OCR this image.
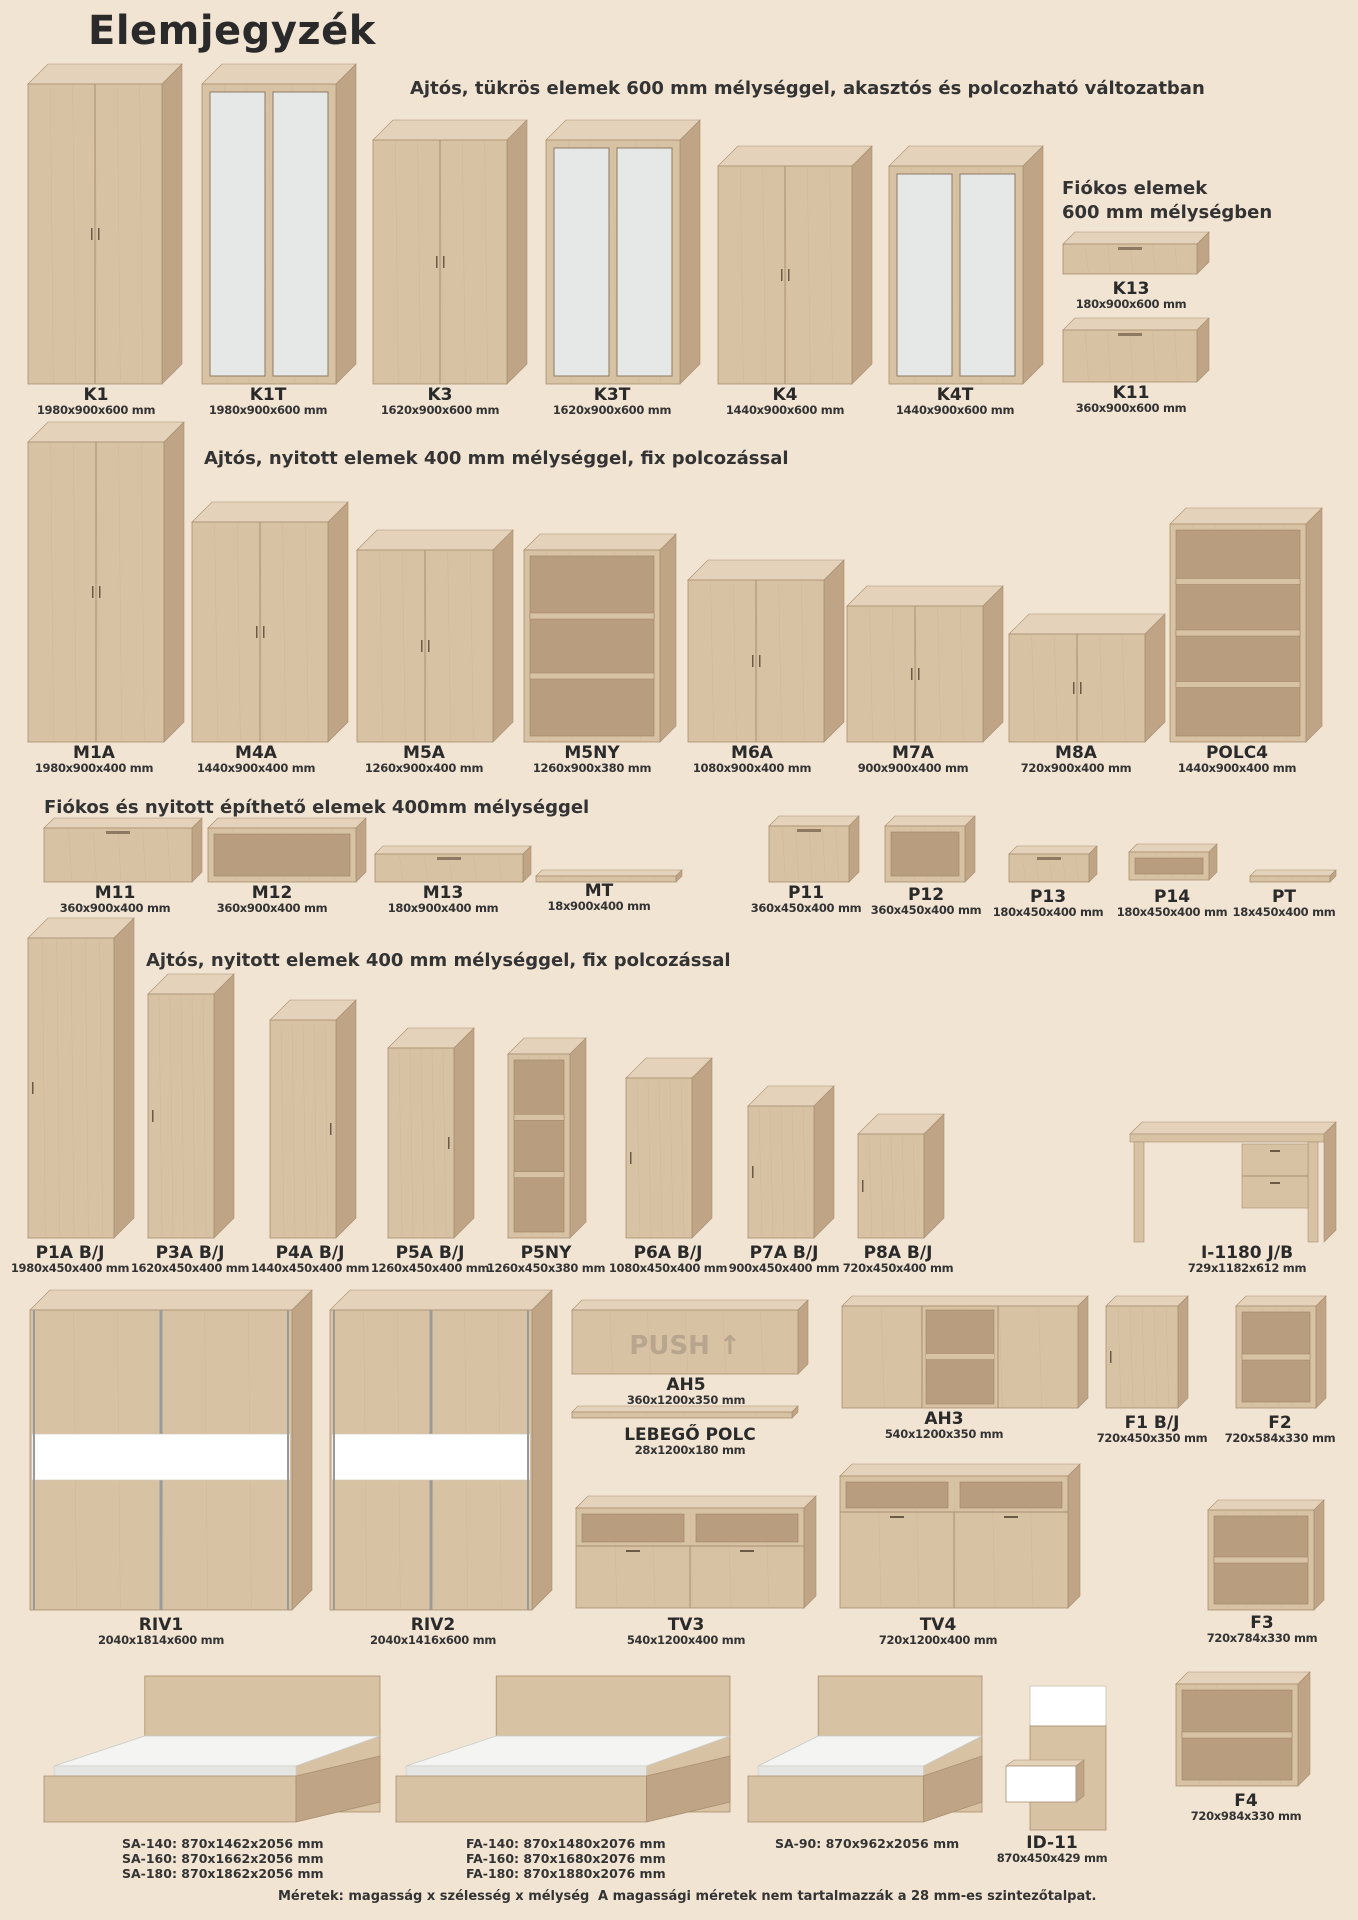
Elemjegyzék
Ajtós, tükrös elemek 600 mm mélységgel, akasztós és polcozható változatban
Fiókos elemek
600 mm mélységben
Ajtós, nyitott elemek 400 mm mélységgel, fix polcozással
Fiókos és nyitott építhető elemek 400mm mélységgel
Ajtós, nyitott elemek 400 mm mélységgel, fix polcozással
PUSH ↑
K1
1980x900x600 mm
K1T
1980x900x600 mm
K3
1620x900x600 mm
K3T
1620x900x600 mm
K4
1440x900x600 mm
K4T
1440x900x600 mm
K13
180x900x600 mm
K11
360x900x600 mm
M1A
1980x900x400 mm
M4A
1440x900x400 mm
M5A
1260x900x400 mm
M5NY
1260x900x380 mm
M6A
1080x900x400 mm
M7A
900x900x400 mm
M8A
720x900x400 mm
POLC4
1440x900x400 mm
M11
360x900x400 mm
M12
360x900x400 mm
M13
180x900x400 mm
MT
18x900x400 mm
P11
360x450x400 mm
P12
360x450x400 mm
P13
180x450x400 mm
P14
180x450x400 mm
PT
18x450x400 mm
P1A B/J
1980x450x400 mm
P3A B/J
1620x450x400 mm
P4A B/J
1440x450x400 mm
P5A B/J
1260x450x400 mm
P5NY
1260x450x380 mm
P6A B/J
1080x450x400 mm
P7A B/J
900x450x400 mm
P8A B/J
720x450x400 mm
I-1180 J/B
729x1182x612 mm
RIV1
2040x1814x600 mm
RIV2
2040x1416x600 mm
AH5
360x1200x350 mm
LEBEGŐ POLC
28x1200x180 mm
AH3
540x1200x350 mm
F1 B/J
720x450x350 mm
F2
720x584x330 mm
TV3
540x1200x400 mm
TV4
720x1200x400 mm
F3
720x784x330 mm
ID-11
870x450x429 mm
F4
720x984x330 mm
SA-140: 870x1462x2056 mm
SA-160: 870x1662x2056 mm
SA-180: 870x1862x2056 mm
FA-140: 870x1480x2076 mm
FA-160: 870x1680x2076 mm
FA-180: 870x1880x2076 mm
SA-90: 870x962x2056 mm
Méretek: magasság x szélesség x mélység A magassági méretek nem tartalmazzák a 28 mm-es szintezőtalpat.
